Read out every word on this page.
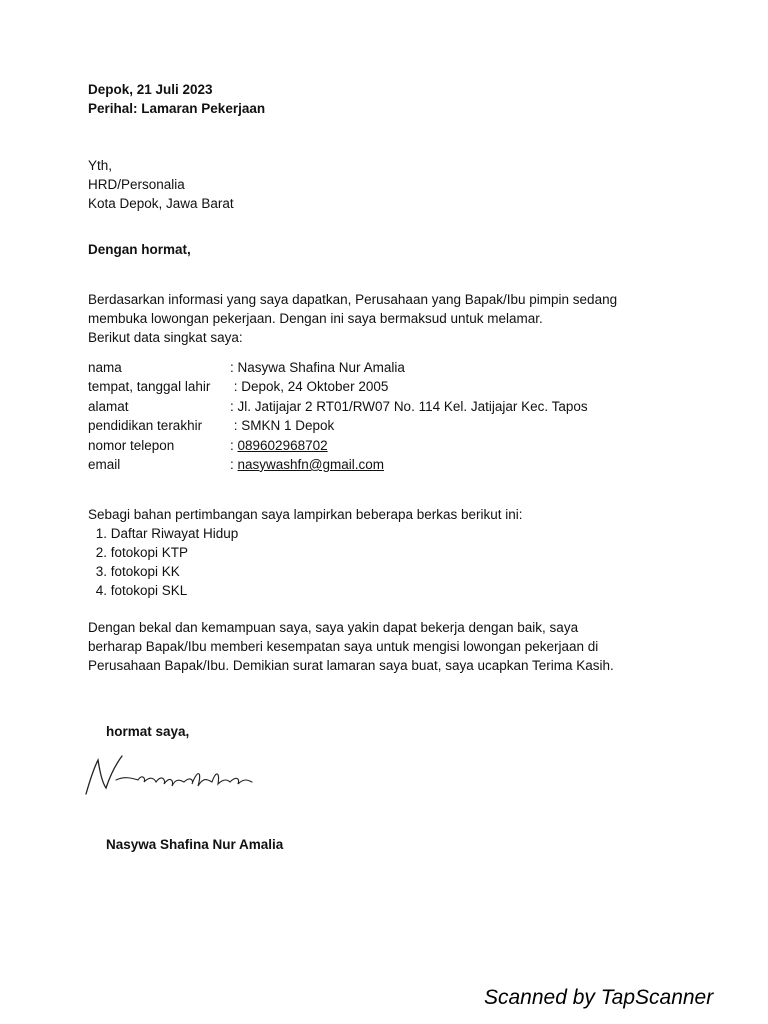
Depok, 21 Juli 2023
Perihal: Lamaran Pekerjaan
Yth,
HRD/Personalia
Kota Depok, Jawa Barat
Dengan hormat,
Berdasarkan informasi yang saya dapatkan, Perusahaan yang Bapak/Ibu pimpin sedang
membuka lowongan pekerjaan. Dengan ini saya bermaksud untuk melamar.
Berikut data singkat saya:
nama	: Nasywa Shafina Nur Amalia
tempat, tanggal lahir	: Depok, 24 Oktober 2005
alamat	: Jl. Jatijajar 2 RT01/RW07 No. 114 Kel. Jatijajar Kec. Tapos
pendidikan terakhir	: SMKN 1 Depok
nomor telepon	: 089602968702
email	: nasywashfn@gmail.com
Sebagi bahan pertimbangan saya lampirkan beberapa berkas berikut ini:
1. Daftar Riwayat Hidup
2. fotokopi KTP
3. fotokopi KK
4. fotokopi SKL
Dengan bekal dan kemampuan saya, saya yakin dapat bekerja dengan baik, saya
berharap Bapak/Ibu memberi kesempatan saya untuk mengisi lowongan pekerjaan di
Perusahaan Bapak/Ibu. Demikian surat lamaran saya buat, saya ucapkan Terima Kasih.
hormat saya,
Nasywa Shafina Nur Amalia
Scanned by TapScanner
